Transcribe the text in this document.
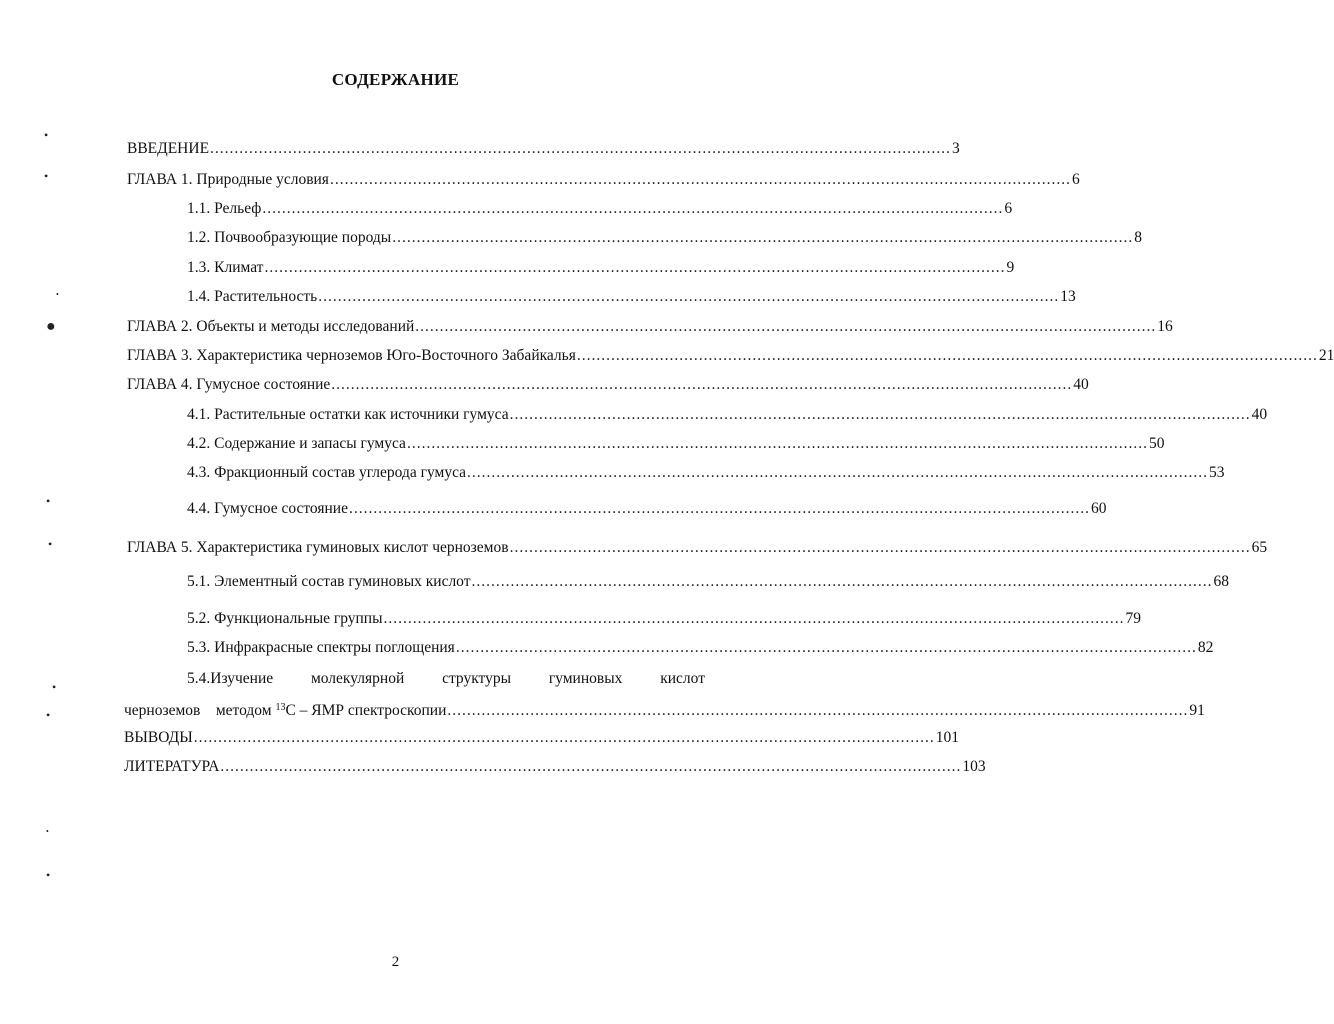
СОДЕРЖАНИЕ
ВВЕДЕНИЕ ........................................................................................................................................................ 3
ГЛАВА 1. Природные условия ........................................................................................................................................................ 6
1.1. Рельеф ........................................................................................................................................................ 6
1.2. Почвообразующие породы ........................................................................................................................................................ 8
1.3. Климат ........................................................................................................................................................ 9
1.4. Растительность ........................................................................................................................................................ 13
ГЛАВА 2. Объекты и методы исследований ........................................................................................................................................................ 16
ГЛАВА 3. Характеристика черноземов Юго-Восточного Забайкалья ........................................................................................................................................................ 21
ГЛАВА 4. Гумусное состояние ........................................................................................................................................................ 40
4.1. Растительные остатки как источники гумуса ........................................................................................................................................................ 40
4.2. Содержание и запасы гумуса ........................................................................................................................................................ 50
4.3. Фракционный состав углерода гумуса ........................................................................................................................................................ 53
4.4. Гумусное состояние ........................................................................................................................................................ 60
ГЛАВА 5. Характеристика гуминовых кислот черноземов ........................................................................................................................................................ 65
5.1. Элементный состав гуминовых кислот ........................................................................................................................................................ 68
5.2. Функциональные группы ........................................................................................................................................................ 79
5.3. Инфракрасные спектры поглощения ........................................................................................................................................................ 82
5.4.Изучение молекулярной структуры гуминовых кислот
черноземов    методом $^{13}$С – ЯМР спектроскопии ........................................................................................................................................................ 91
ВЫВОДЫ ........................................................................................................................................................ 101
ЛИТЕРАТУРА ........................................................................................................................................................ 103
2
•
•
•
●
•
•
•
•
•
•
